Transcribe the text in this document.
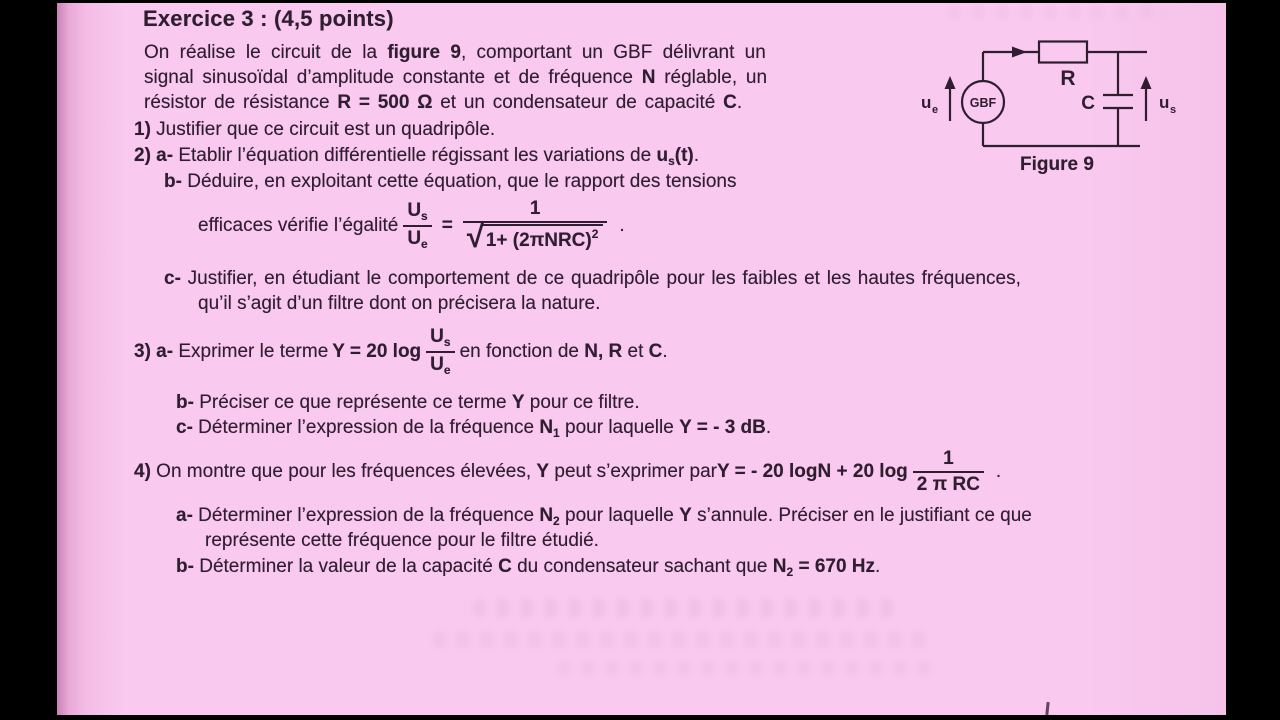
Exercice 3 : (4,5 points)
On réalise le circuit de la figure 9, comportant un GBF délivrant un
signal sinusoïdal d’amplitude constante et de fréquence N réglable, un
résistor de résistance R = 500 Ω et un condensateur de capacité C.
1) Justifier que ce circuit est un quadripôle.
2) a- Etablir l’équation différentielle régissant les variations de $u_s(t)$.
b- Déduire, en exploitant cette équation, que le rapport des tensions
efficaces vérifie l’égalité $\frac{U_s}{U_e} = \frac{1}{√ 1+ (2\pi NRC)^2}$ .
c- Justifier, en étudiant le comportement de ce quadripôle pour les faibles et les hautes fréquences,
qu’il s’agit d’un filtre dont on précisera la nature.
3) a- Exprimer le terme Y = 20 $\log \frac{U_s}{U_e}$ en fonction de N, R et C.
b- Préciser ce que représente ce terme Y pour ce filtre.
c- Déterminer l’expression de la fréquence $N_1$ pour laquelle Y = - 3 dB.
4) On montre que pour les fréquences élevées, Y peut s’exprimer par Y = - 20 logN + 20 $\log \frac{1}{\text{2 π RC}}$ .
a- Déterminer l’expression de la fréquence $N_2$ pour laquelle Y s’annule. Préciser en le justifiant ce que
représente cette fréquence pour le filtre étudié.
b- Déterminer la valeur de la capacité C du condensateur sachant que $N_2 = 670$ Hz.
R
GBF	C
u e	u s
Figure 9
